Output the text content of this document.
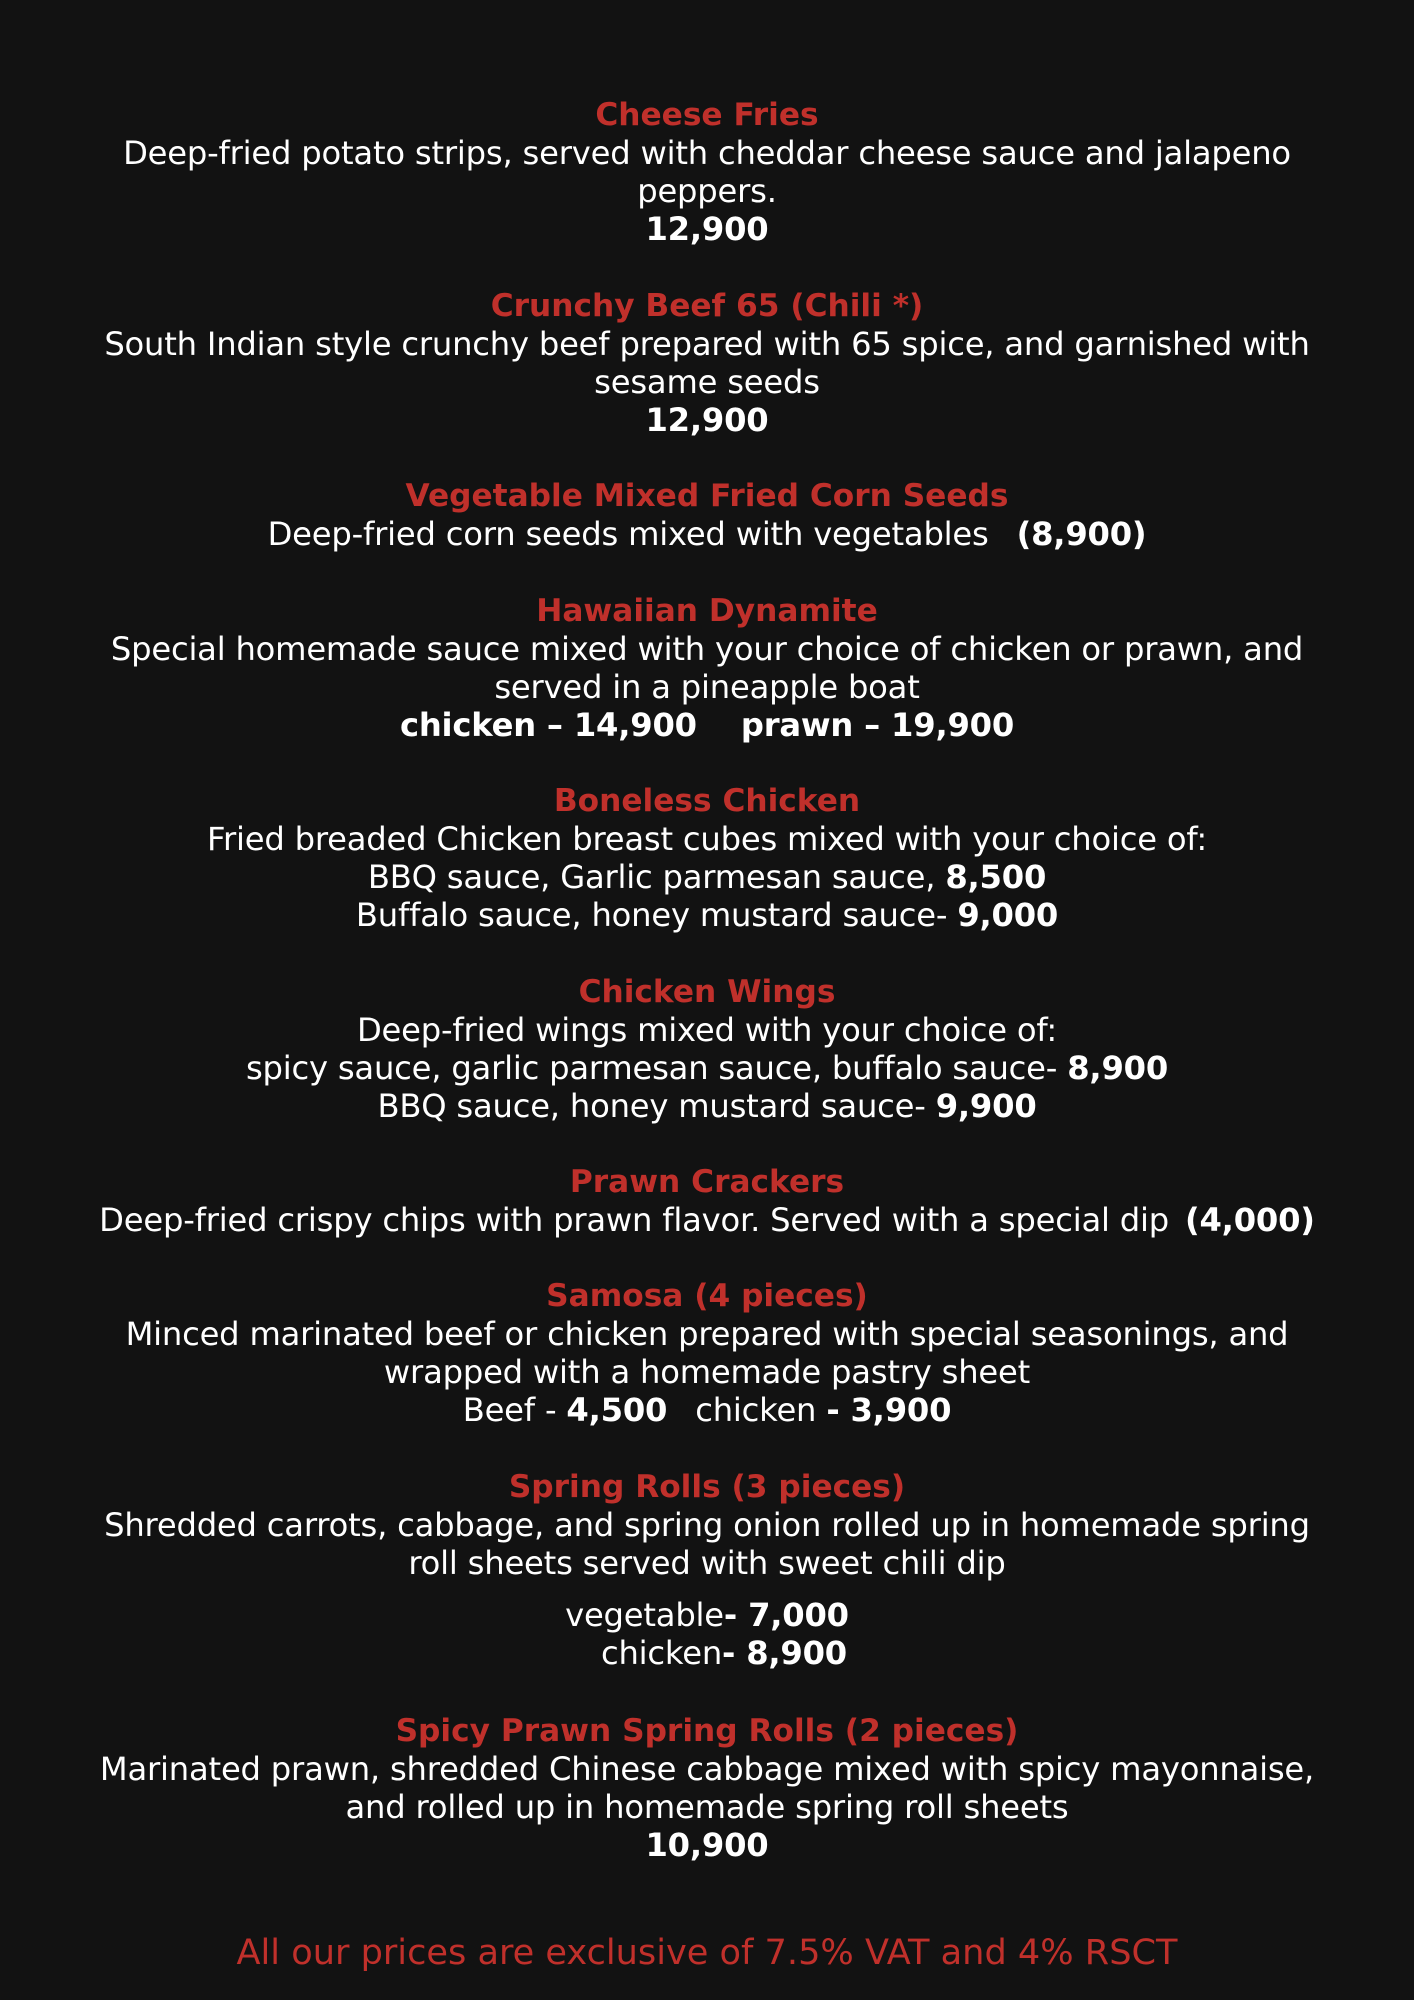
Cheese Fries
Deep-fried potato strips, served with cheddar cheese sauce and jalapeno
peppers.
12,900
Crunchy Beef 65 (Chili *)
South Indian style crunchy beef prepared with 65 spice, and garnished with
sesame seeds
12,900
Vegetable Mixed Fried Corn Seeds
Deep-fried corn seeds mixed with vegetables (8,900)
Hawaiian Dynamite
Special homemade sauce mixed with your choice of chicken or prawn, and
served in a pineapple boat
chicken – 14,900 prawn – 19,900
Boneless Chicken
Fried breaded Chicken breast cubes mixed with your choice of:
BBQ sauce, Garlic parmesan sauce, 8,500
Buffalo sauce, honey mustard sauce- 9,000
Chicken Wings
Deep-fried wings mixed with your choice of:
spicy sauce, garlic parmesan sauce, buffalo sauce- 8,900
BBQ sauce, honey mustard sauce- 9,900
Prawn Crackers
Deep-fried crispy chips with prawn flavor. Served with a special dip (4,000)
Samosa (4 pieces)
Minced marinated beef or chicken prepared with special seasonings, and
wrapped with a homemade pastry sheet
Beef - 4,500 chicken - 3,900
Spring Rolls (3 pieces)
Shredded carrots, cabbage, and spring onion rolled up in homemade spring
roll sheets served with sweet chili dip
vegetable- 7,000
chicken- 8,900
Spicy Prawn Spring Rolls (2 pieces)
Marinated prawn, shredded Chinese cabbage mixed with spicy mayonnaise,
and rolled up in homemade spring roll sheets
10,900
All our prices are exclusive of 7.5% VAT and 4% RSCT
